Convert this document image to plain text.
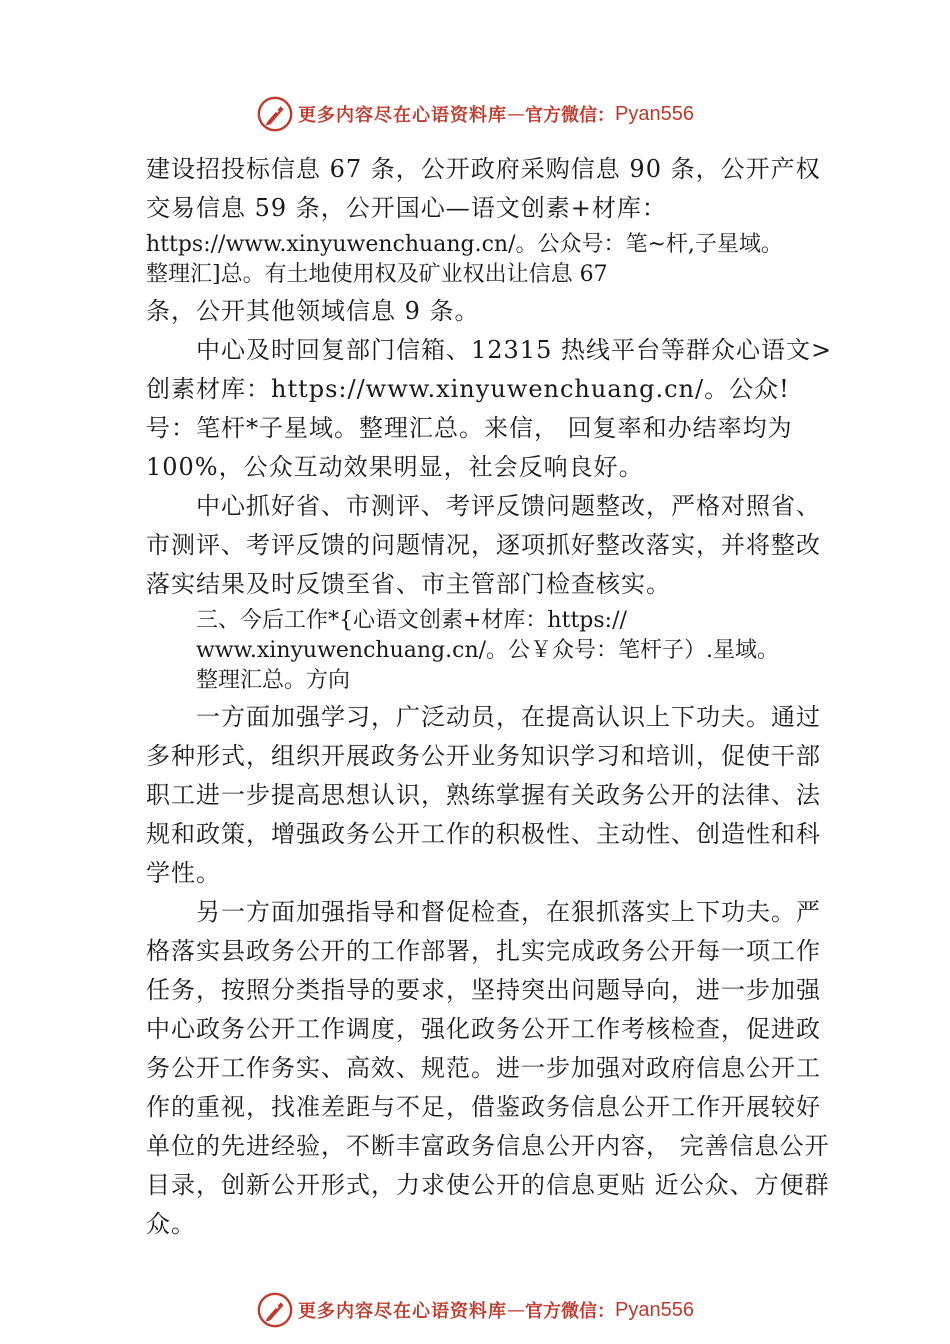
更多内容尽在心语资料库 — 官方微信： Pyan556

建设招投标信息 67 条，公开政府采购信息 90 条，公开产权

交易信息 59 条，公开国心—语文创素+材库：

https://www.xinyuwenchuang.cn/。公众号：笔~杆,子星域。

整理汇]总。有土地使用权及矿业权出让信息 67

条，公开其他领域信息 9 条。

中心及时回复部门信箱、12315 热线平台等群众心语文>创素材库：https://www.xinyuwenchuang.cn/。公众!号：笔杆*子星域。整理汇总。来信， 回复率和办结率均为 100%，公众互动效果明显，社会反响良好。

中心抓好省、市测评、考评反馈问题整改，严格对照省、市测评、考评反馈的问题情况，逐项抓好整改落实，并将整改落实结果及时反馈至省、市主管部门检查核实。

三、今后工作*{心语文创素+材库：https://

www.xinyuwenchuang.cn/。公￥众号：笔杆子）.星域。

整理汇总。方向

一方面加强学习，广泛动员，在提高认识上下功夫。通过多种形式，组织开展政务公开业务知识学习和培训，促使干部职工进一步提高思想认识，熟练掌握有关政务公开的法律、法规和政策，增强政务公开工作的积极性、主动性、创造性和科学性。

另一方面加强指导和督促检查，在狠抓落实上下功夫。严格落实县政务公开的工作部署，扎实完成政务公开每一项工作任务，按照分类指导的要求，坚持突出问题导向，进一步加强中心政务公开工作调度，强化政务公开工作考核检查，促进政务公开工作务实、高效、规范。进一步加强对政府信息公开工作的重视，找准差距与不足，借鉴政务信息公开工作开展较好单位的先进经验，不断丰富政务信息公开内容， 完善信息公开目录，创新公开形式，力求使公开的信息更贴 近公众、方便群众。

更多内容尽在心语资料库 — 官方微信： Pyan556
